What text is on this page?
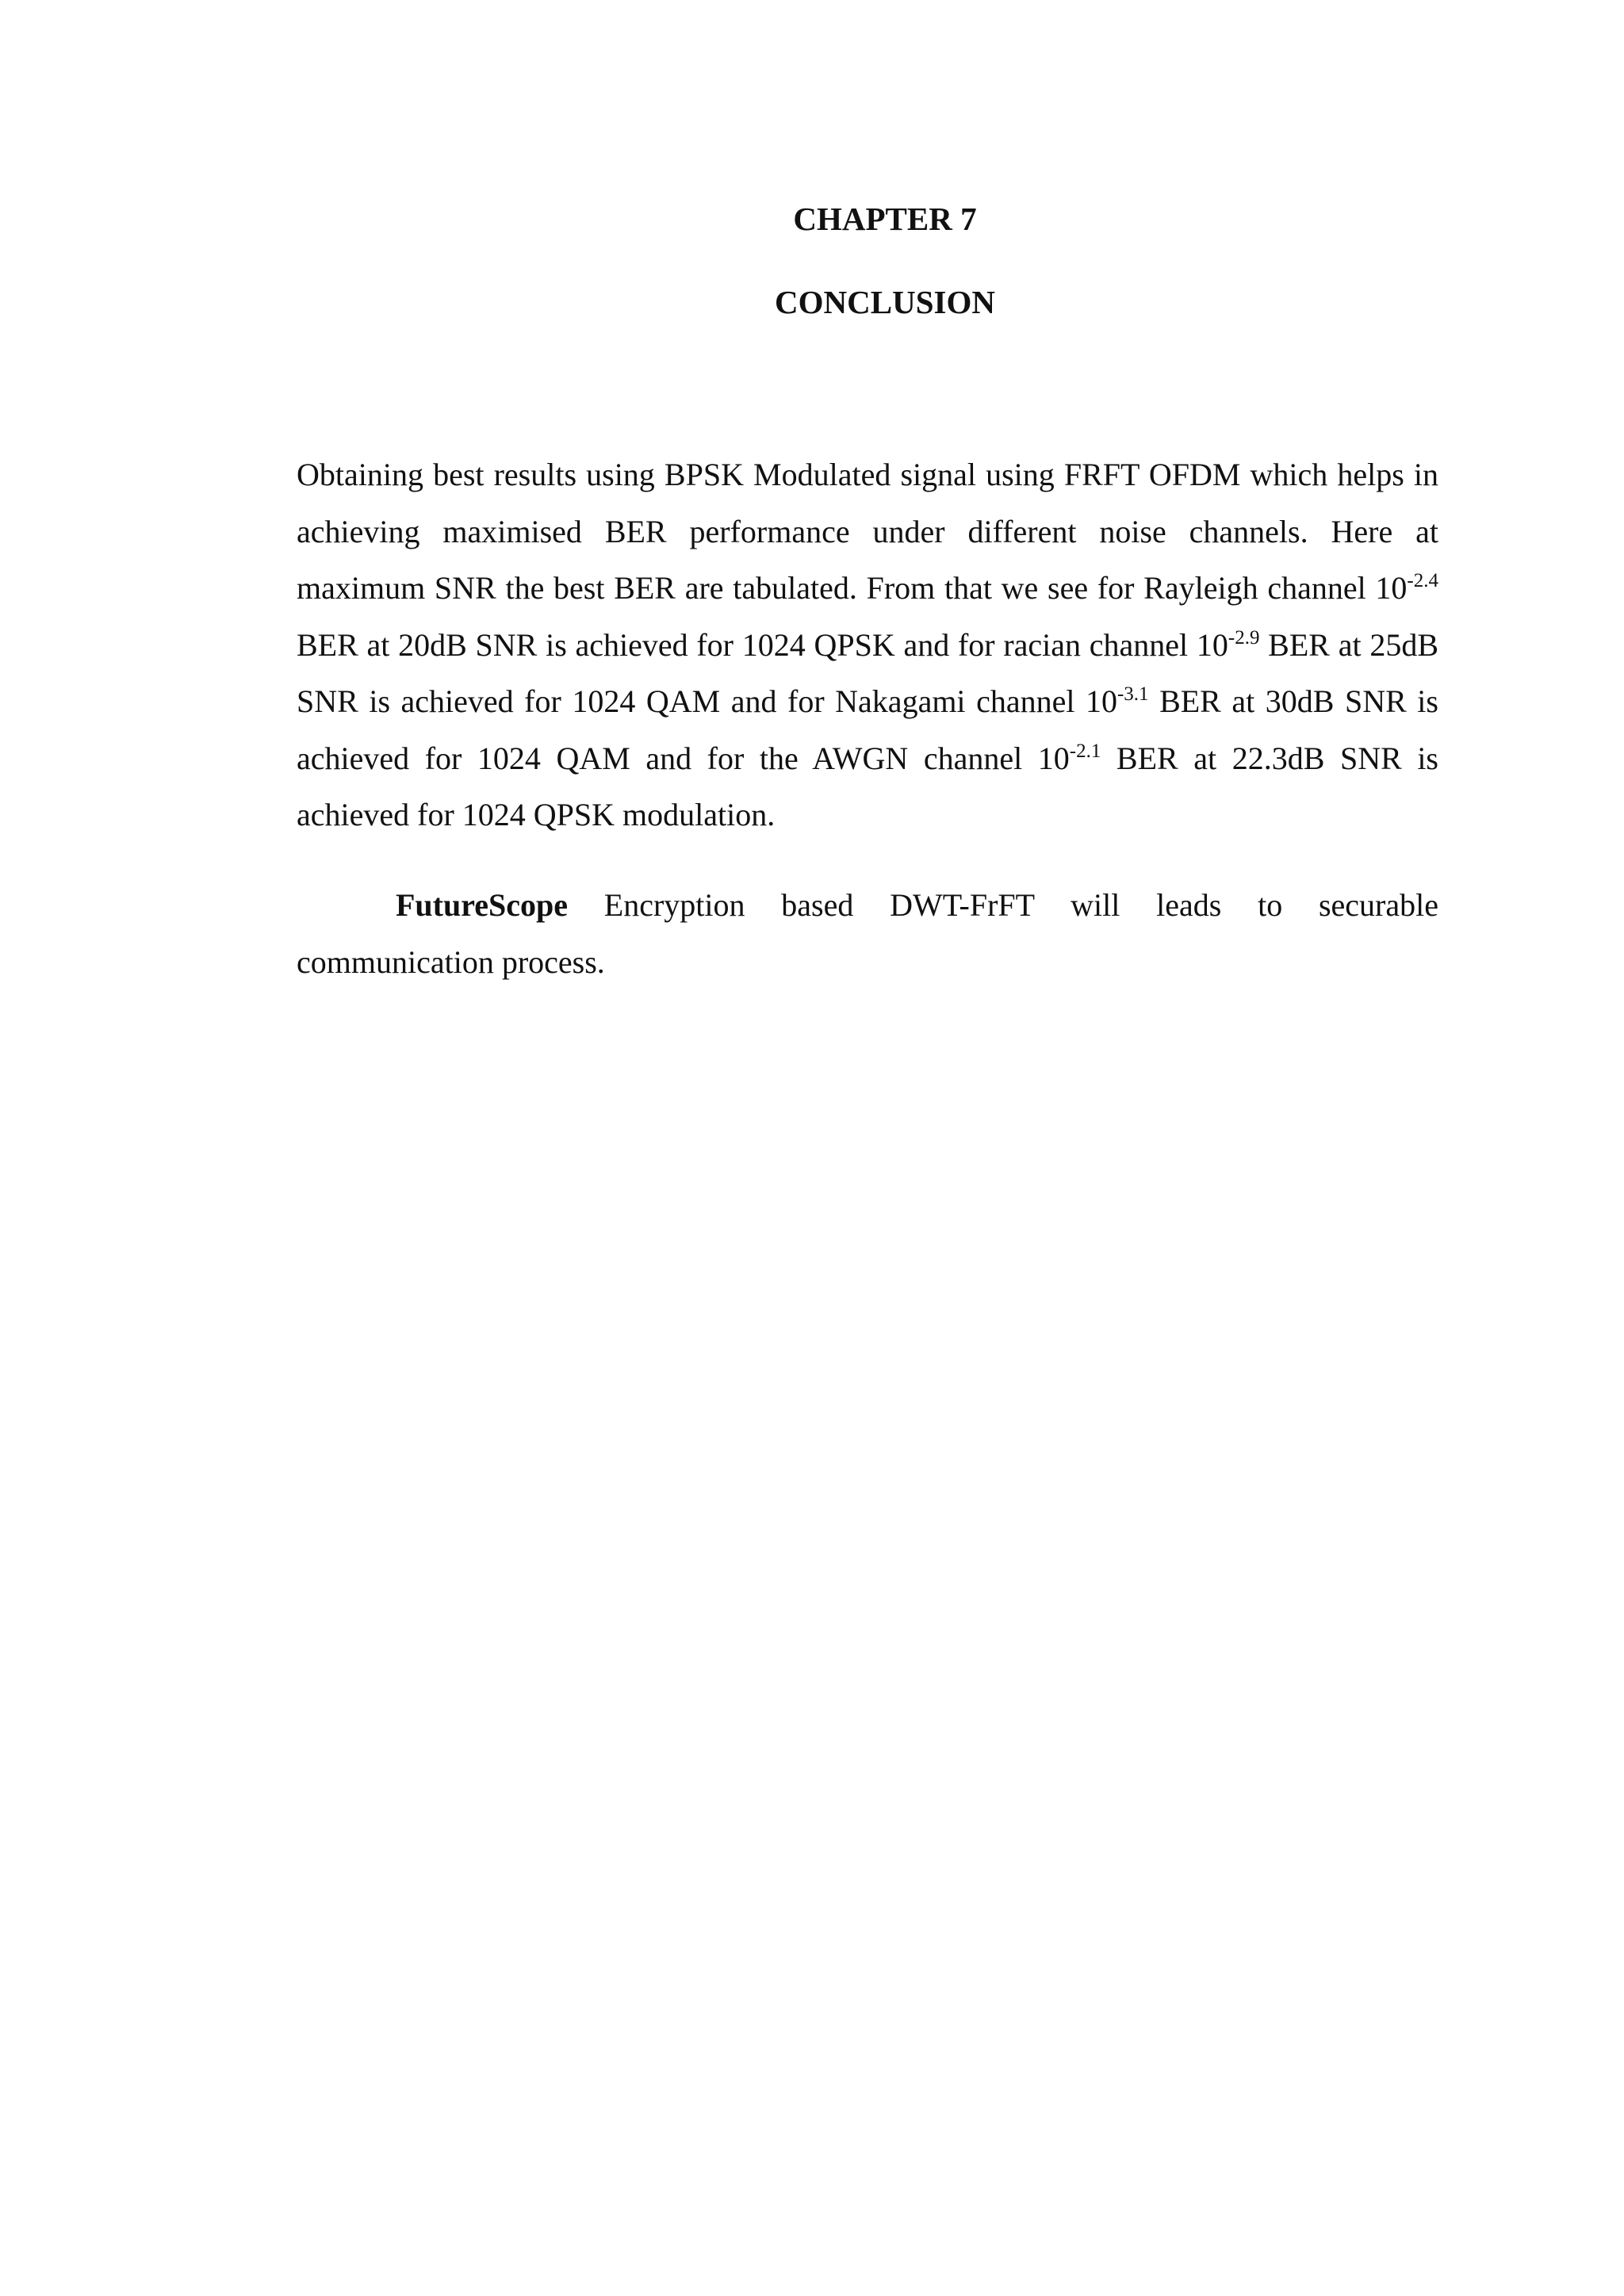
CHAPTER 7
CONCLUSION

Obtaining best results using BPSK Modulated signal using FRFT OFDM which helps in achieving maximised BER performance under different noise channels. Here at maximum SNR the best BER are tabulated. From that we see for Rayleigh channel $10^{-2.4}$ BER at 20dB SNR is achieved for 1024 QPSK and for racian channel $10^{-2.9}$ BER at 25dB SNR is achieved for 1024 QAM and for Nakagami channel $10^{-3.1}$ BER at 30dB SNR is achieved for 1024 QAM and for the AWGN channel $10^{-2.1}$ BER at 22.3dB SNR is achieved for 1024 QPSK modulation.

FutureScope Encryption based DWT-FrFT will leads to securable communication process.
